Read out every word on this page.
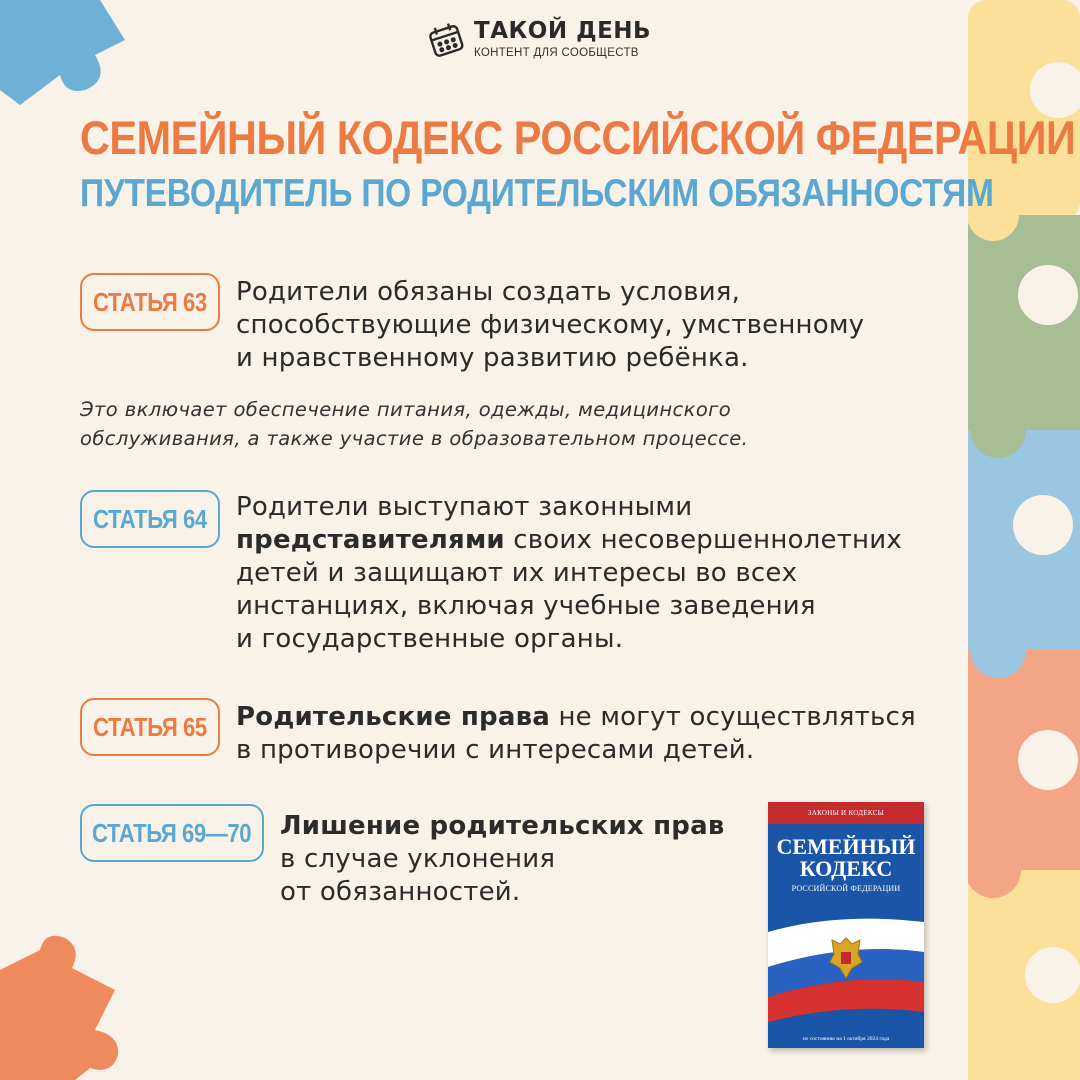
ТАКОЙ ДЕНЬ
КОНТЕНТ ДЛЯ СООБЩЕСТВ
СЕМЕЙНЫЙ КОДЕКС РОССИЙСКОЙ ФЕДЕРАЦИИ
ПУТЕВОДИТЕЛЬ ПО РОДИТЕЛЬСКИМ ОБЯЗАННОСТЯМ
СТАТЬЯ 63 Родители обязаны создать условия,
способствующие физическому, умственному
и нравственному развитию ребёнка.
Это включает обеспечение питания, одежды, медицинского
обслуживания, а также участие в образовательном процессе.
СТАТЬЯ 64 Родители выступают законными
представителями своих несовершеннолетних
детей и защищают их интересы во всех
инстанциях, включая учебные заведения
и государственные органы.
СТАТЬЯ 65 Родительские права не могут осуществляться
в противоречии с интересами детей.
СТАТЬЯ 69—70 Лишение родительских прав
в случае уклонения
от обязанностей.
ЗАКОНЫ И КОДЕКСЫ
СЕМЕЙНЫЙ
КОДЕКС
РОССИЙСКОЙ ФЕДЕРАЦИИ
по состоянию на 1 октября 2024 года
